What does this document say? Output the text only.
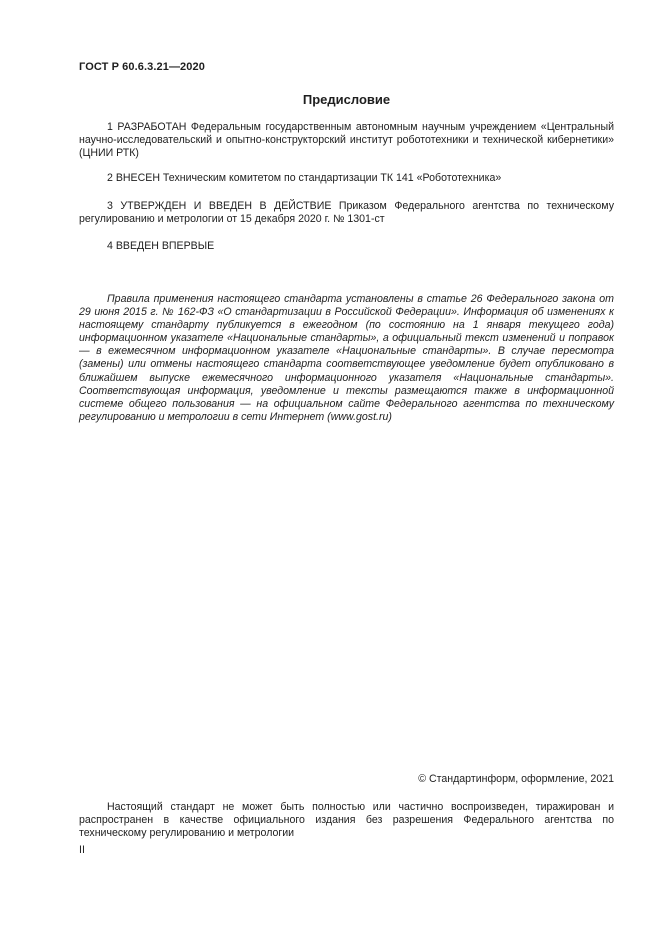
ГОСТ Р 60.6.3.21—2020
Предисловие

1 РАЗРАБОТАН Федеральным государственным автономным научным учреждением «Центральный научно-исследовательский и опытно-конструкторский институт робототехники и технической кибернетики» (ЦНИИ РТК)

2 ВНЕСЕН Техническим комитетом по стандартизации ТК 141 «Робототехника»

3 УТВЕРЖДЕН И ВВЕДЕН В ДЕЙСТВИЕ Приказом Федерального агентства по техническому регулированию и метрологии от 15 декабря 2020 г. № 1301-ст

4 ВВЕДЕН ВПЕРВЫЕ

Правила применения настоящего стандарта установлены в статье 26 Федерального закона от 29 июня 2015 г. № 162-ФЗ «О стандартизации в Российской Федерации». Информация об изменениях к настоящему стандарту публикуется в ежегодном (по состоянию на 1 января текущего года) информационном указателе «Национальные стандарты», а официальный текст изменений и поправок — в ежемесячном информационном указателе «Национальные стандарты». В случае пересмотра (замены) или отмены настоящего стандарта соответствующее уведомление будет опубликовано в ближайшем выпуске ежемесячного информационного указателя «Национальные стандарты». Соответствующая информация, уведомление и тексты размещаются также в информационной системе общего пользования — на официальном сайте Федерального агентства по техническому регулированию и метрологии в сети Интернет (www.gost.ru)

© Стандартинформ, оформление, 2021

Настоящий стандарт не может быть полностью или частично воспроизведен, тиражирован и распространен в качестве официального издания без разрешения Федерального агентства по техническому регулированию и метрологии

II
